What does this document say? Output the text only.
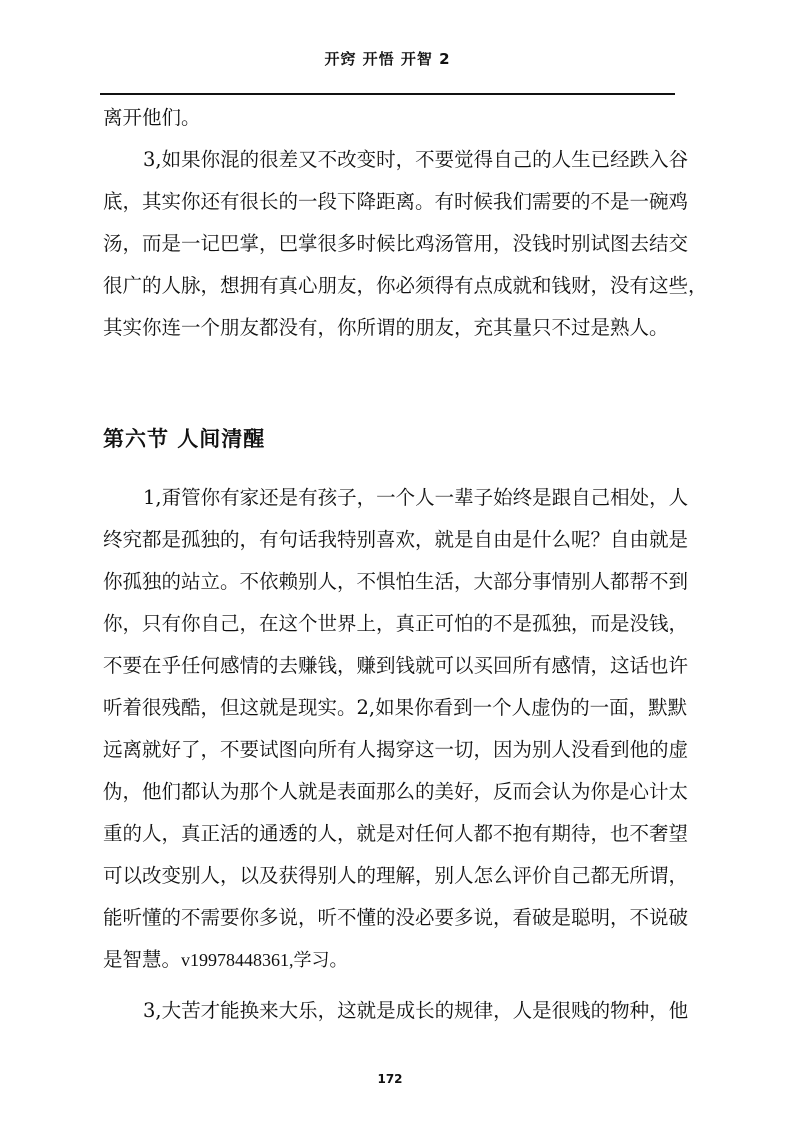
开窍 开悟 开智 2
离开他们。
3,如果你混的很差又不改变时，不要觉得自己的人生已经跌入谷
底，其实你还有很长的一段下降距离。有时候我们需要的不是一碗鸡
汤，而是一记巴掌，巴掌很多时候比鸡汤管用，没钱时别试图去结交
很广的人脉，想拥有真心朋友，你必须得有点成就和钱财，没有这些，
其实你连一个朋友都没有，你所谓的朋友，充其量只不过是熟人。
第六节 人间清醒
1,甭管你有家还是有孩子，一个人一辈子始终是跟自己相处，人
终究都是孤独的，有句话我特别喜欢，就是自由是什么呢？自由就是
你孤独的站立。不依赖别人，不惧怕生活，大部分事情别人都帮不到
你，只有你自己，在这个世界上，真正可怕的不是孤独，而是没钱，
不要在乎任何感情的去赚钱，赚到钱就可以买回所有感情，这话也许
听着很残酷，但这就是现实。2,如果你看到一个人虚伪的一面，默默
远离就好了，不要试图向所有人揭穿这一切，因为别人没看到他的虚
伪，他们都认为那个人就是表面那么的美好，反而会认为你是心计太
重的人，真正活的通透的人，就是对任何人都不抱有期待，也不奢望
可以改变别人，以及获得别人的理解，别人怎么评价自己都无所谓，
能听懂的不需要你多说，听不懂的没必要多说，看破是聪明，不说破
是智慧。v19978448361,学习。
3,大苦才能换来大乐，这就是成长的规律，人是很贱的物种，他
172
